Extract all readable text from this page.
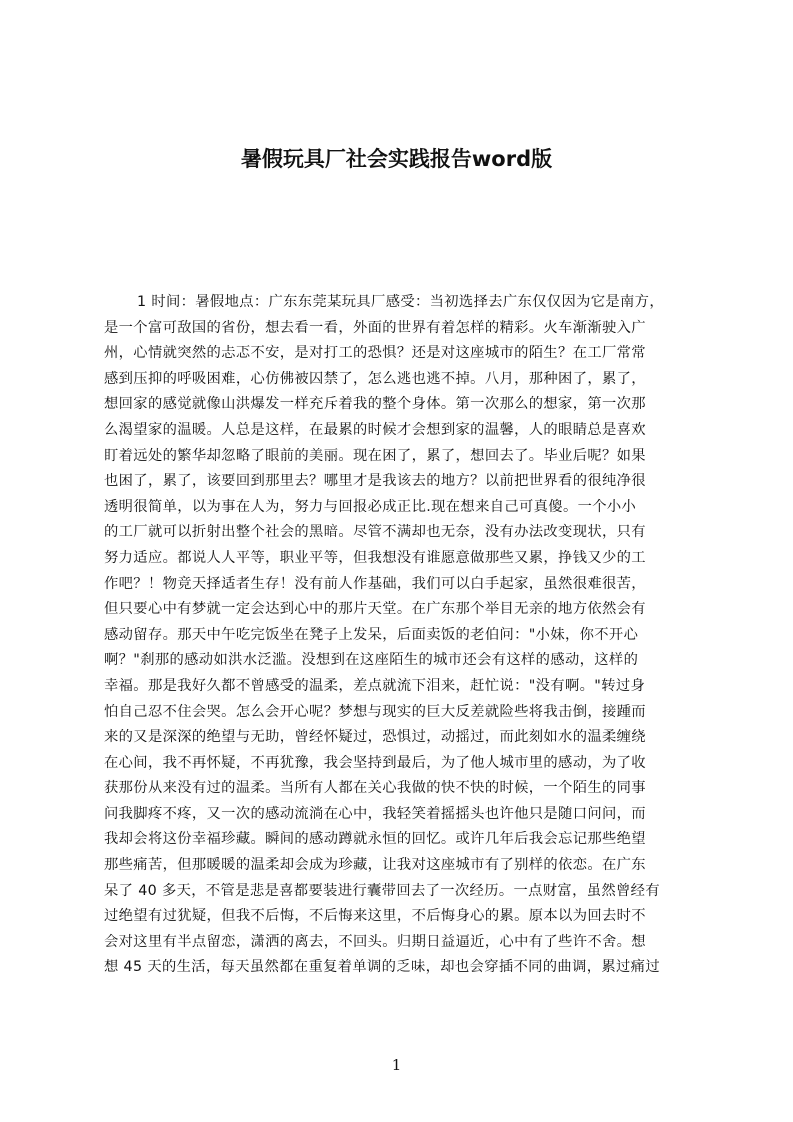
暑假玩具厂社会实践报告word版
1 时间：暑假地点：广东东莞某玩具厂感受：当初选择去广东仅仅因为它是南方，
是一个富可敌国的省份，想去看一看，外面的世界有着怎样的精彩。火车渐渐驶入广
州，心情就突然的忐忑不安，是对打工的恐惧？还是对这座城市的陌生？在工厂常常
感到压抑的呼吸困难，心仿佛被囚禁了，怎么逃也逃不掉。八月，那种困了，累了，
想回家的感觉就像山洪爆发一样充斥着我的整个身体。第一次那么的想家，第一次那
么渴望家的温暖。人总是这样，在最累的时候才会想到家的温馨，人的眼睛总是喜欢
盯着远处的繁华却忽略了眼前的美丽。现在困了，累了，想回去了。毕业后呢？如果
也困了，累了，该要回到那里去？哪里才是我该去的地方？以前把世界看的很纯净很
透明很简单，以为事在人为，努力与回报必成正比.现在想来自己可真傻。一个小小
的工厂就可以折射出整个社会的黑暗。尽管不满却也无奈，没有办法改变现状，只有
努力适应。都说人人平等，职业平等，但我想没有谁愿意做那些又累，挣钱又少的工
作吧？！物竞天择适者生存！没有前人作基础，我们可以白手起家，虽然很难很苦，
但只要心中有梦就一定会达到心中的那片天堂。在广东那个举目无亲的地方依然会有
感动留存。那天中午吃完饭坐在凳子上发呆，后面卖饭的老伯问："小妹，你不开心
啊？"刹那的感动如洪水泛滥。没想到在这座陌生的城市还会有这样的感动，这样的
幸福。那是我好久都不曾感受的温柔，差点就流下泪来，赶忙说："没有啊。"转过身
怕自己忍不住会哭。怎么会开心呢？梦想与现实的巨大反差就险些将我击倒，接踵而
来的又是深深的绝望与无助，曾经怀疑过，恐惧过，动摇过，而此刻如水的温柔缠绕
在心间，我不再怀疑，不再犹豫，我会坚持到最后，为了他人城市里的感动，为了收
获那份从来没有过的温柔。当所有人都在关心我做的快不快的时候，一个陌生的同事
问我脚疼不疼，又一次的感动流淌在心中，我轻笑着摇摇头也许他只是随口问问，而
我却会将这份幸福珍藏。瞬间的感动蹲就永恒的回忆。或许几年后我会忘记那些绝望
那些痛苦，但那暖暖的温柔却会成为珍藏，让我对这座城市有了别样的依恋。在广东
呆了 40 多天，不管是悲是喜都要装进行囊带回去了一次经历。一点财富，虽然曾经有
过绝望有过犹疑，但我不后悔，不后悔来这里，不后悔身心的累。原本以为回去时不
会对这里有半点留恋，潇洒的离去，不回头。归期日益逼近，心中有了些许不舍。想
想 45 天的生活，每天虽然都在重复着单调的乏味，却也会穿插不同的曲调，累过痛过
1
